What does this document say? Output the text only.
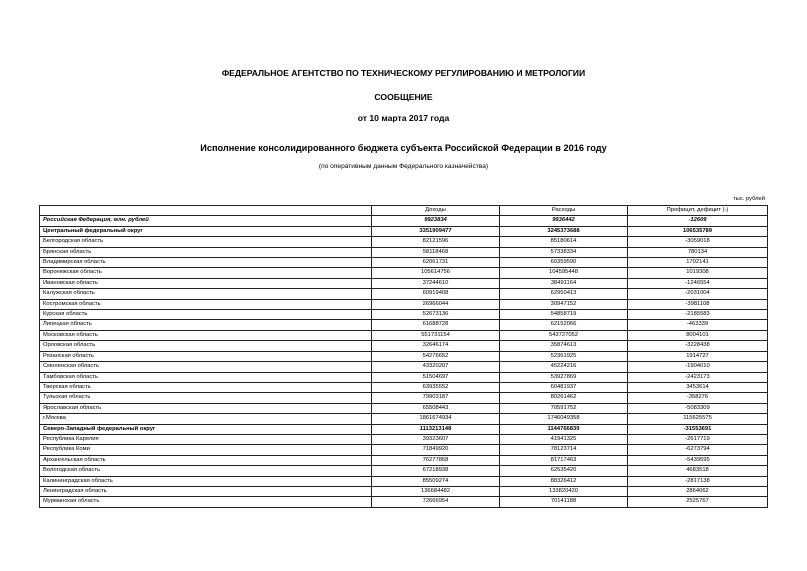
ФЕДЕРАЛЬНОЕ АГЕНТСТВО ПО ТЕХНИЧЕСКОМУ РЕГУЛИРОВАНИЮ И МЕТРОЛОГИИ
СООБЩЕНИЕ
от 10 марта 2017 года
Исполнение консолидированного бюджета субъекта Российской Федерации в 2016 году
(по оперативным данным Федерального казначейства)
тыс. рублей
	Доходы	Расходы	Профицит, дефицит (-)
Российская Федерация, млн. рублей	9923834	9936442	-12609
Центральный федеральный округ	3351909477	3245373688	106535789
Белгородская область	82121596	85180614	-3059018
Брянская область	58118468	57338334	780134
Владимирская область	62061731	60359590	1702141
Воронежская область	105614756	104595448	1019308
Ивановская область	37244610	38491164	-1246554
Калужская область	60919408	62950413	-2031004
Костромская область	26966044	30947152	-3981108
Курская область	52673136	54858719	-2185583
Липецкая область	61688728	62152066	-463339
Московская область	551731154	543727052	8004101
Орловская область	32646174	35874613	-3228438
Рязанская область	54276652	52361925	1914727
Смоленская область	43320207	45224216	-1904010
Тамбовская область	51504697	53927869	-2423173
Тверская область	63935552	60481937	3453614
Тульская область	79903187	80261462	-358276
Ярославская область	65508443	70591752	-5083309
г.Москва	1861674934	1746049358	115625575
Северо-Западный федеральный округ	1113213148	1144766839	-31553691
Республика Карелия	39323607	41941325	-2617719
Республика Коми	71849920	78123714	-6273794
Архангельская область	76277868	81717463	-5439595
Вологодская область	67218938	62535420	4683518
Калининградская область	85509274	88326412	-2817138
Ленинградская область	136684482	133820420	2864062
Мурманская область	72666954	70141188	2525767
